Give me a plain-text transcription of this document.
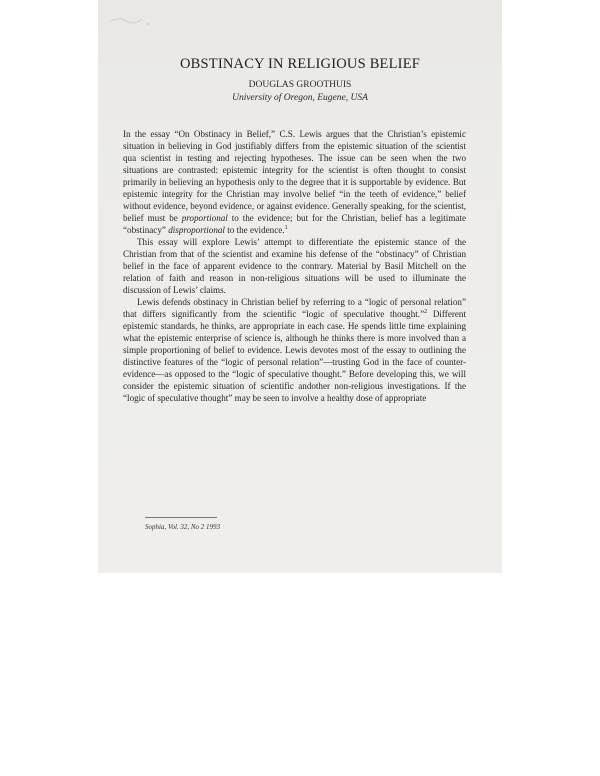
OBSTINACY IN RELIGIOUS BELIEF
DOUGLAS GROOTHUIS
University of Oregon, Eugene, USA

In the essay “On Obstinacy in Belief,” C.S. Lewis argues that the Christian’s epistemic situation in believing in God justifiably differs from the epistemic situation of the scientist qua scientist in testing and rejecting hypotheses. The issue can be seen when the two situations are contrasted: epistemic integrity for the scientist is often thought to consist primarily in believing an hypothesis only to the degree that it is supportable by evidence. But epistemic integrity for the Christian may involve belief “in the teeth of evidence,” belief without evidence, beyond evidence, or against evidence. Generally speaking, for the scientist, belief must be proportional to the evidence; but for the Christian, belief has a legitimate “obstinacy” disproportional to the evidence.$^1$

This essay will explore Lewis’ attempt to differentiate the epistemic stance of the Christian from that of the scientist and examine his defense of the “obstinacy” of Christian belief in the face of apparent evidence to the contrary. Material by Basil Mitchell on the relation of faith and reason in non-religious situations will be used to illuminate the discussion of Lewis’ claims.

Lewis defends obstinacy in Christian belief by referring to a “logic of personal relation” that differs significantly from the scientific “logic of speculative thought.”$^2$ Different epistemic standards, he thinks, are appropriate in each case. He spends little time explaining what the epistemic enterprise of science is, although he thinks there is more involved than a simple proportioning of belief to evidence. Lewis devotes most of the essay to outlining the distinctive features of the “logic of personal relation”—trusting God in the face of counter-evidence—as opposed to the “logic of speculative thought.” Before developing this, we will consider the epistemic situation of scientific andother non-religious investigations. If the “logic of speculative thought” may be seen to involve a healthy dose of appropriate

Sophia, Vol. 32, No 2 1993
